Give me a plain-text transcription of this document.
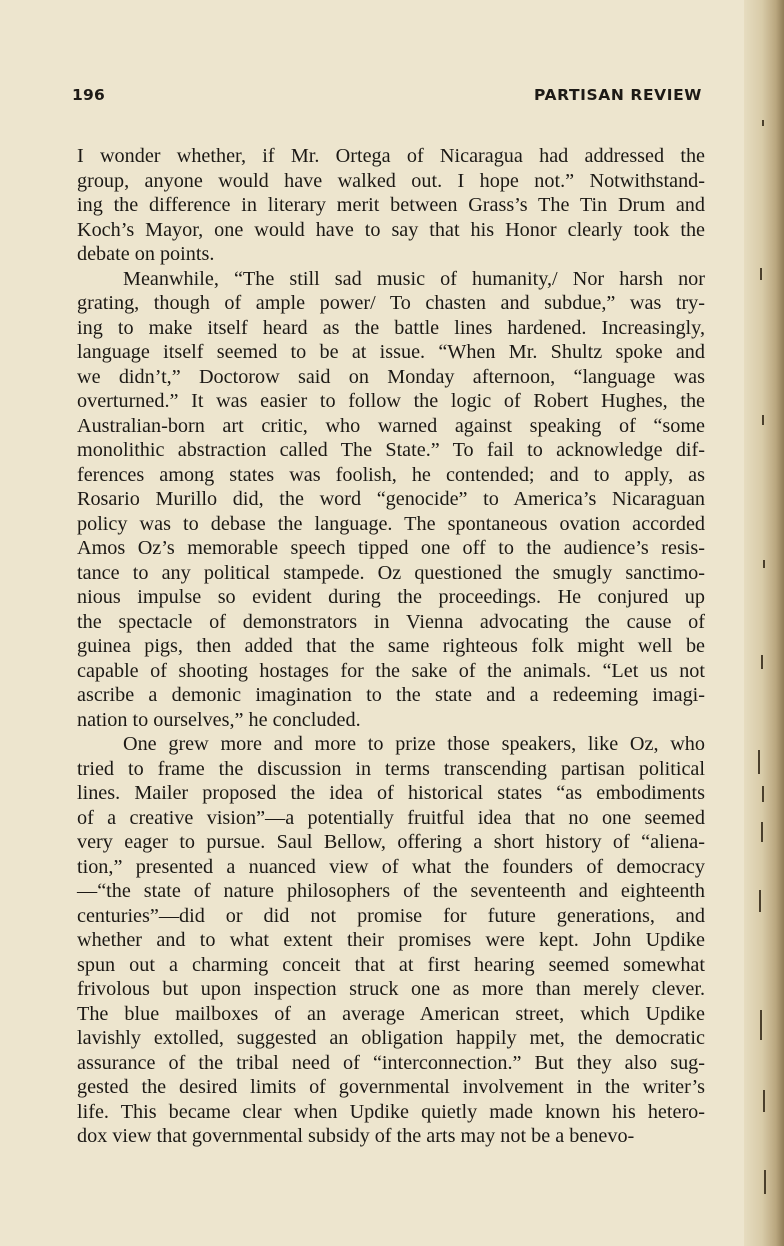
196	PARTISAN REVIEW
I wonder whether, if Mr. Ortega of Nicaragua had addressed the
group, anyone would have walked out. I hope not.” Notwithstand-
ing the difference in literary merit between Grass’s The Tin Drum and
Koch’s Mayor, one would have to say that his Honor clearly took the
debate on points.
Meanwhile, “The still sad music of humanity,/ Nor harsh nor
grating, though of ample power/ To chasten and subdue,” was try-
ing to make itself heard as the battle lines hardened. Increasingly,
language itself seemed to be at issue. “When Mr. Shultz spoke and
we didn’t,” Doctorow said on Monday afternoon, “language was
overturned.” It was easier to follow the logic of Robert Hughes, the
Australian-born art critic, who warned against speaking of “some
monolithic abstraction called The State.” To fail to acknowledge dif-
ferences among states was foolish, he contended; and to apply, as
Rosario Murillo did, the word “genocide” to America’s Nicaraguan
policy was to debase the language. The spontaneous ovation accorded
Amos Oz’s memorable speech tipped one off to the audience’s resis-
tance to any political stampede. Oz questioned the smugly sanctimo-
nious impulse so evident during the proceedings. He conjured up
the spectacle of demonstrators in Vienna advocating the cause of
guinea pigs, then added that the same righteous folk might well be
capable of shooting hostages for the sake of the animals. “Let us not
ascribe a demonic imagination to the state and a redeeming imagi-
nation to ourselves,” he concluded.
One grew more and more to prize those speakers, like Oz, who
tried to frame the discussion in terms transcending partisan political
lines. Mailer proposed the idea of historical states “as embodiments
of a creative vision”—a potentially fruitful idea that no one seemed
very eager to pursue. Saul Bellow, offering a short history of “aliena-
tion,” presented a nuanced view of what the founders of democracy
—“the state of nature philosophers of the seventeenth and eighteenth
centuries”—did or did not promise for future generations, and
whether and to what extent their promises were kept. John Updike
spun out a charming conceit that at first hearing seemed somewhat
frivolous but upon inspection struck one as more than merely clever.
The blue mailboxes of an average American street, which Updike
lavishly extolled, suggested an obligation happily met, the democratic
assurance of the tribal need of “interconnection.” But they also sug-
gested the desired limits of governmental involvement in the writer’s
life. This became clear when Updike quietly made known his hetero-
dox view that governmental subsidy of the arts may not be a benevo-
